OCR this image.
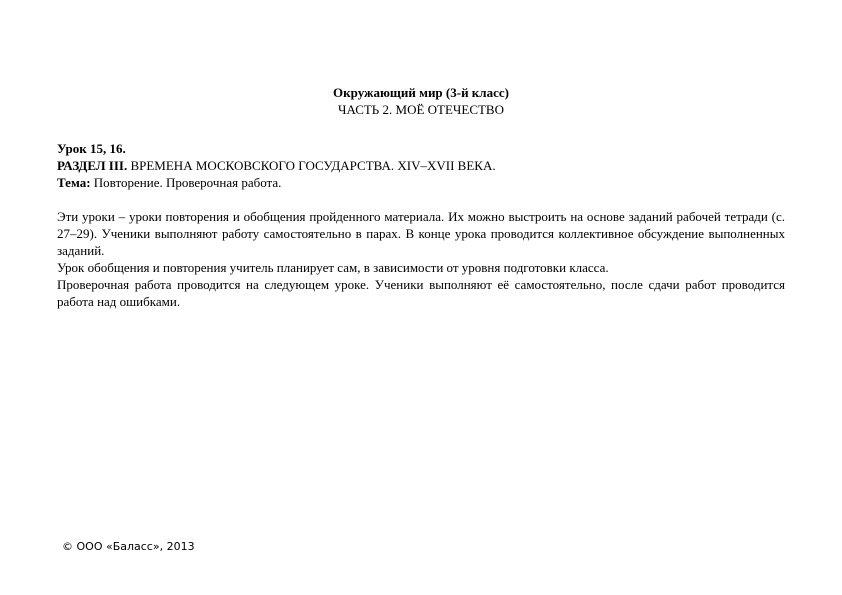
Окружающий мир (3-й класс)
ЧАСТЬ 2. МОЁ ОТЕЧЕСТВО

Урок 15, 16.

РАЗДЕЛ III. ВРЕМЕНА МОСКОВСКОГО ГОСУДАРСТВА. XIV–XVII ВЕКА.

Тема: Повторение. Проверочная работа.

Эти уроки – уроки повторения и обобщения пройденного материала. Их можно выстроить на основе заданий рабочей тетради (с. 27–29). Ученики выполняют работу самостоятельно в парах. В конце урока проводится коллективное обсуждение выполненных заданий.

Урок обобщения и повторения учитель планирует сам, в зависимости от уровня подготовки класса.

Проверочная работа проводится на следующем уроке. Ученики выполняют её самостоятельно, после сдачи работ проводится работа над ошибками.

© ООО «Баласс», 2013
